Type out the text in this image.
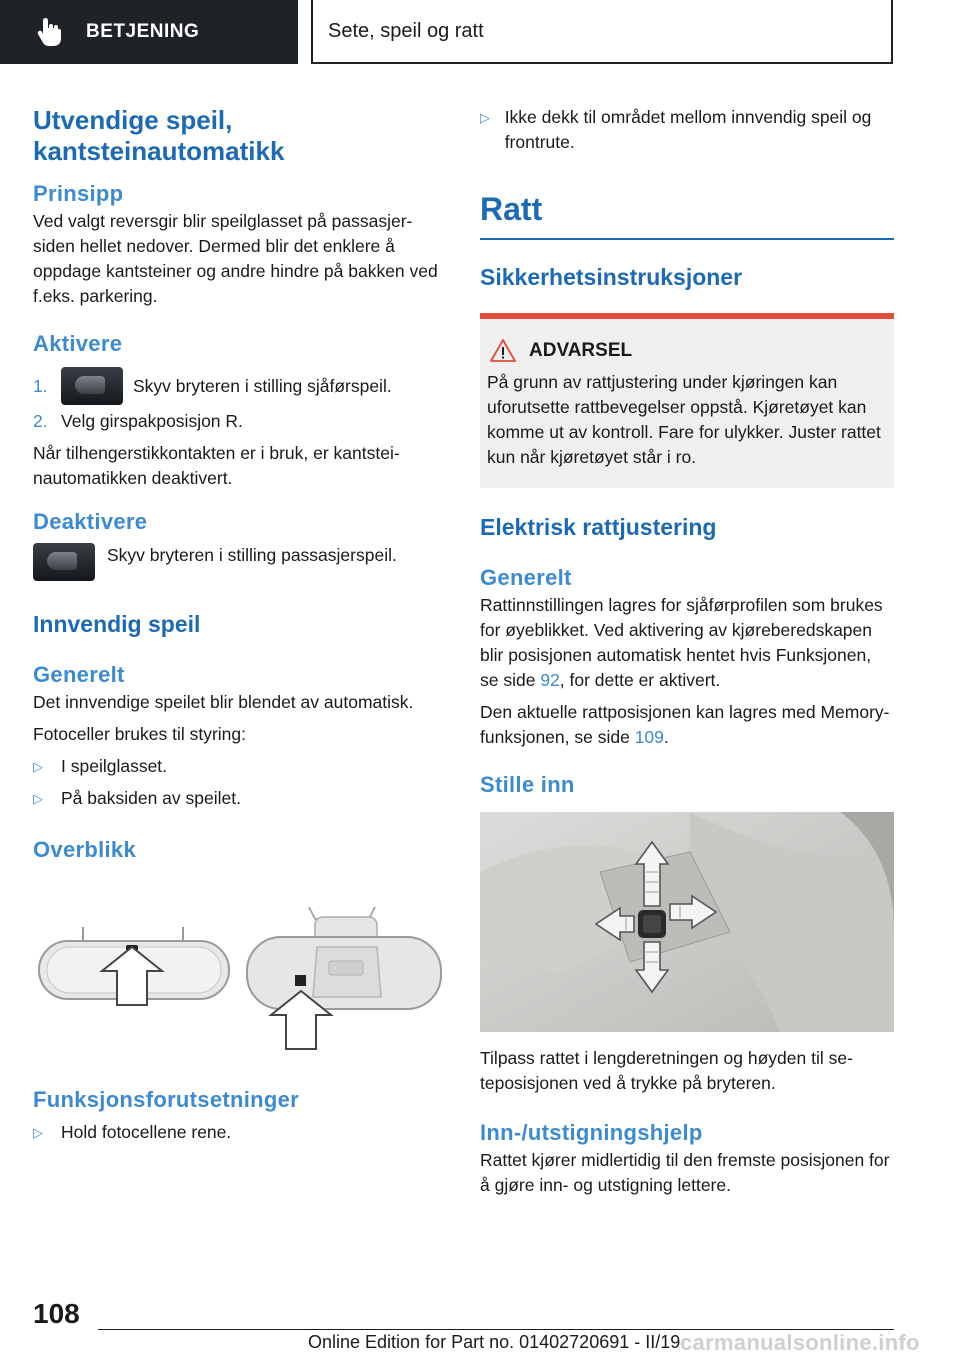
BETJENING	Sete, speil og ratt
Utvendige speil,
kantsteinautomatikk
Prinsipp

Ved valgt reversgir blir speilglasset på passasjersiden hellet nedover. Dermed blir det enklere å oppdage kantsteiner og andre hindre på bakken ved f.eks. parkering.

Aktivere
1.	Skyv bryteren i stilling sjåførspeil.
2. Velg girspakposisjon R.

Når tilhengerstikkontakten er i bruk, er kantsteinautomatikken deaktivert.

Deaktivere
Skyv bryteren i stilling passasjerspeil.
Innvendig speil
Generelt

Det innvendige speilet blir blendet av automatisk.

Fotoceller brukes til styring:

▷	I speilglasset.
▷	På baksiden av speilet.
Overblikk
Funksjonsforutsetninger
▷	Hold fotocellene rene.
▷ Ikke dekk til området mellom innvendig speil og frontrute.
Ratt
Sikkerhetsinstruksjoner
ADVARSEL

På grunn av rattjustering under kjøringen kan uforutsette rattbevegelser oppstå. Kjøretøyet kan komme ut av kontroll. Fare for ulykker. Juster rattet kun når kjøretøyet står i ro.

Elektrisk rattjustering
Generelt

Rattinnstillingen lagres for sjåførprofilen som brukes for øyeblikket. Ved aktivering av kjøreberedskapen blir posisjonen automatisk hentet hvis Funksjonen, se side 92, for dette er aktivert.

Den aktuelle rattposisjonen kan lagres med Memory-funksjonen, se side 109.

Stille inn

Tilpass rattet i lengderetningen og høyden til seteposisjonen ved å trykke på bryteren.

Inn-/utstigningshjelp

Rattet kjører midlertidig til den fremste posisjonen for å gjøre inn- og utstigning lettere.

108
Online Edition for Part no. 01402720691 - II/19 carmanualsonline.info
